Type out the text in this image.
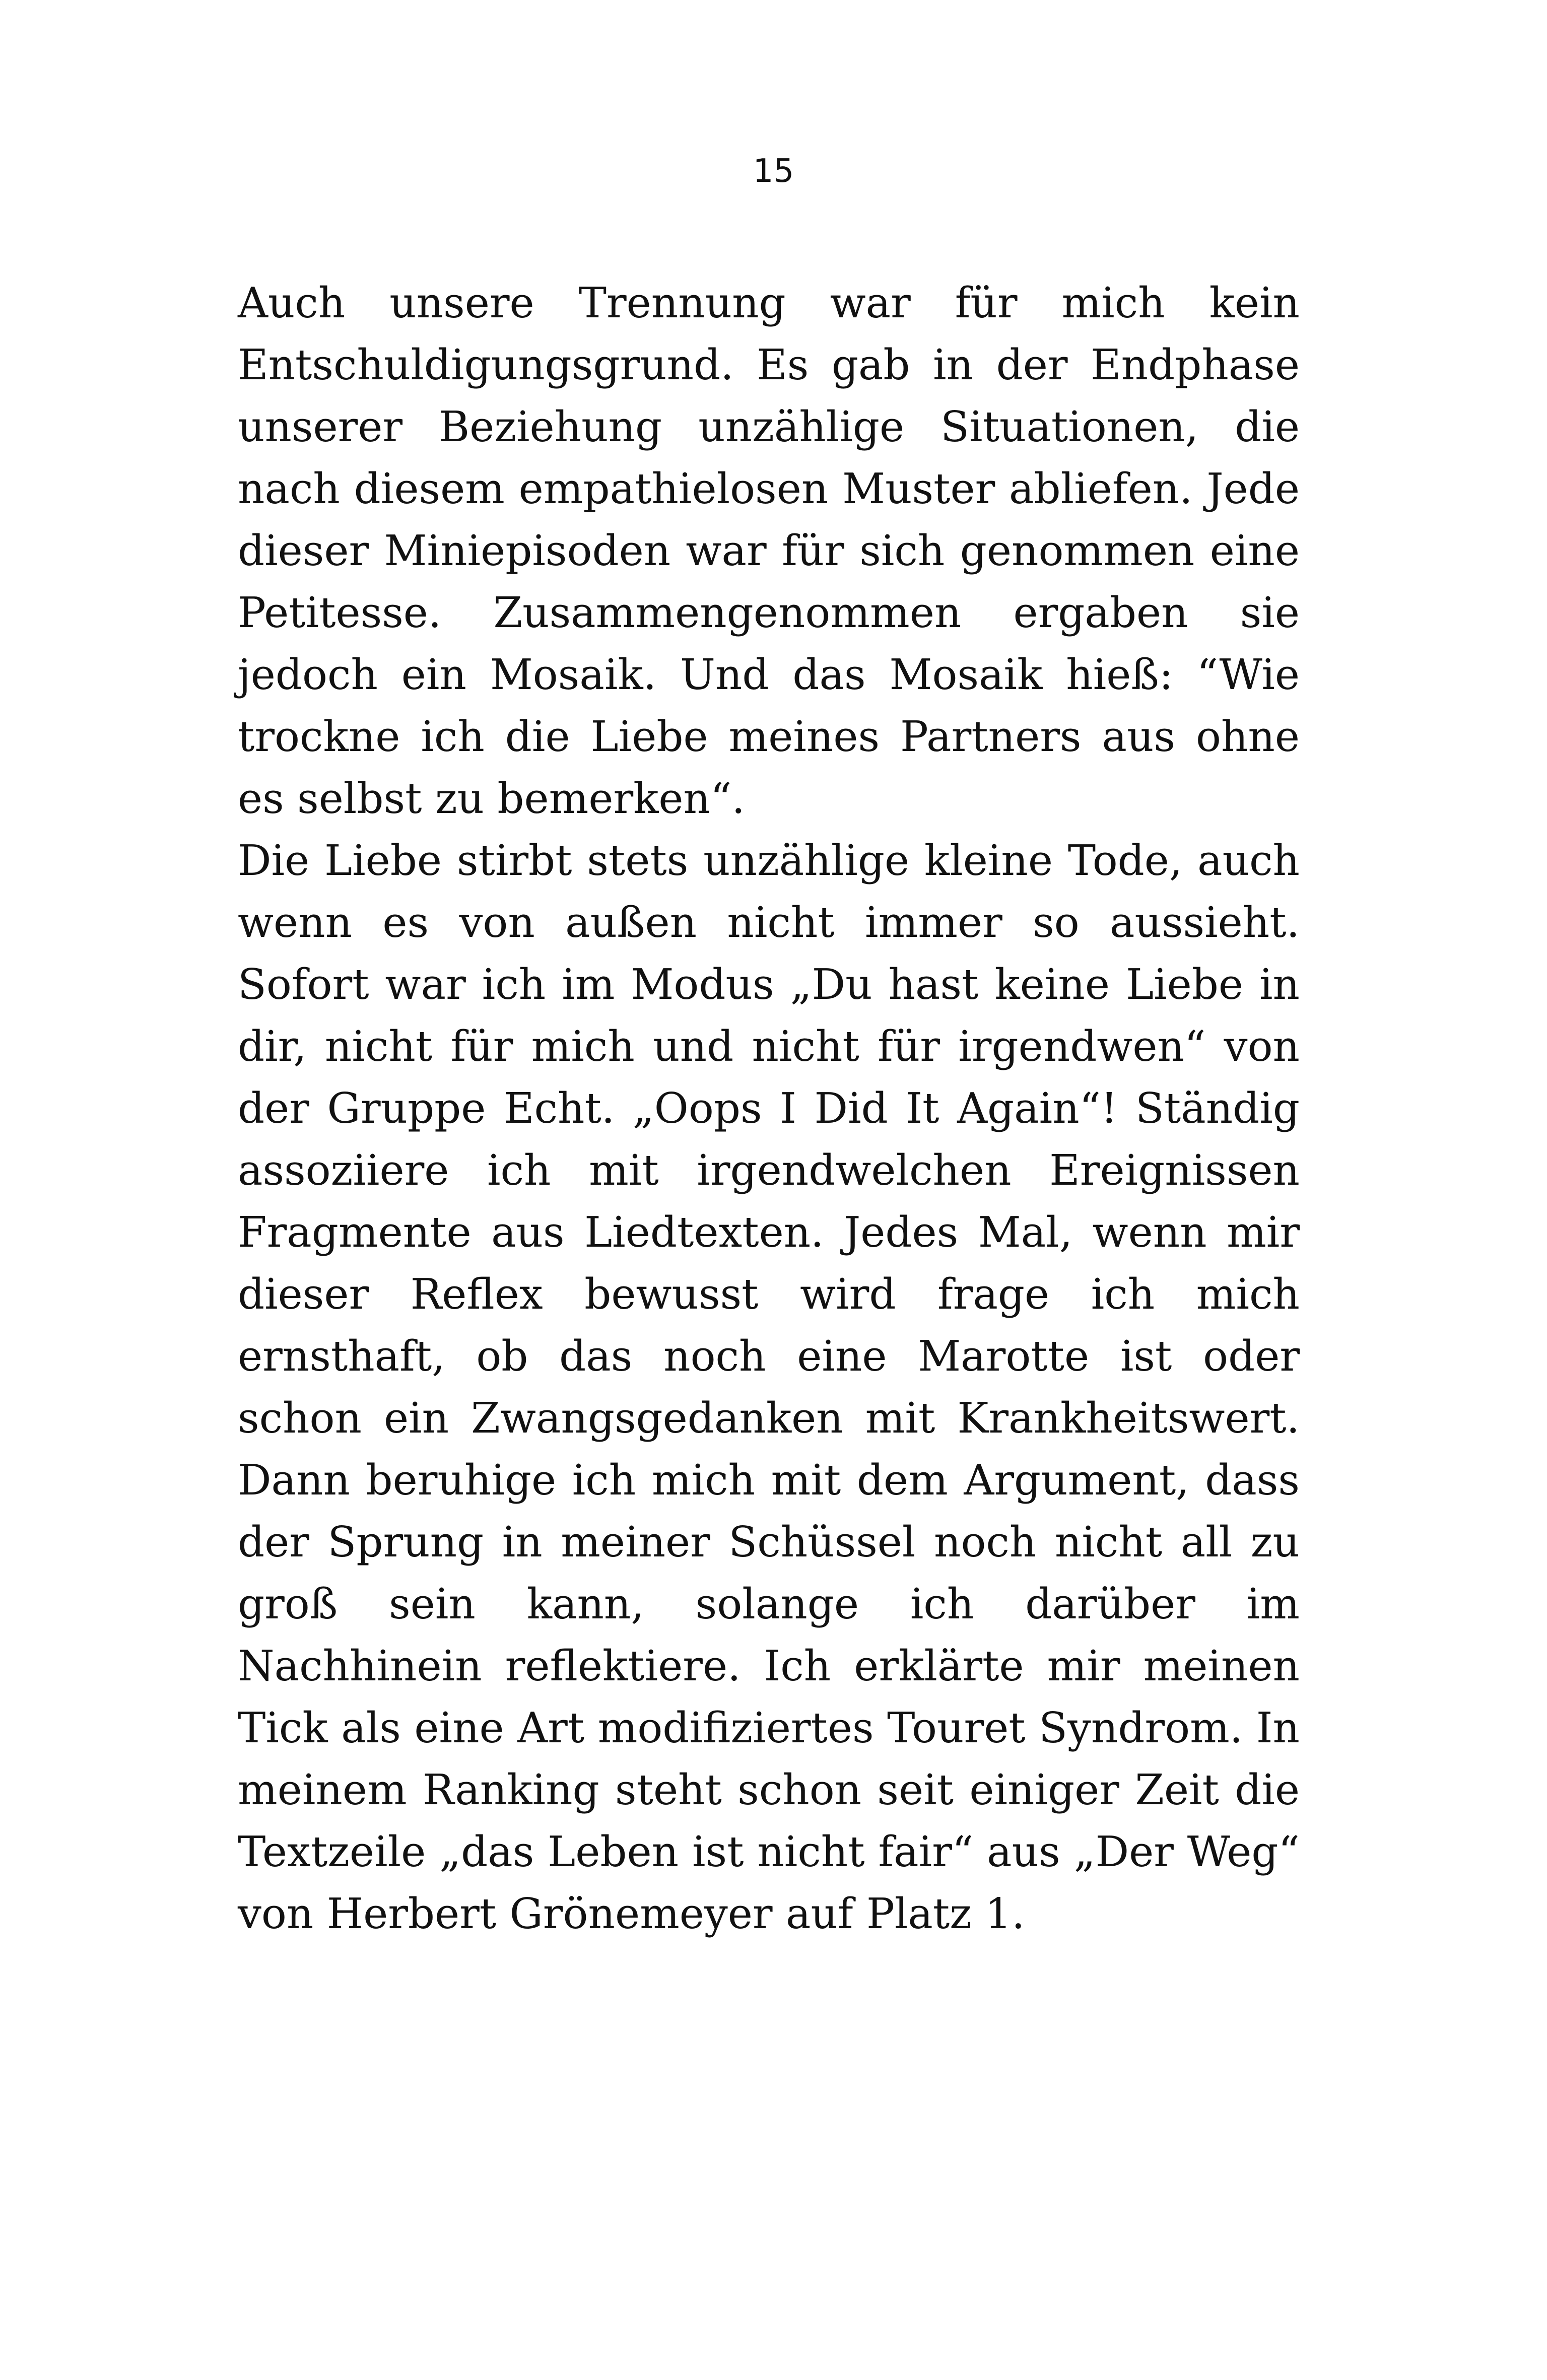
15

Auch unsere Trennung war für mich kein Entschuldigungsgrund. Es gab in der Endphase unserer Beziehung unzählige Situationen, die nach diesem empathielosen Muster abliefen. Jede dieser Miniepisoden war für sich genommen eine Petitesse. Zusammengenommen ergaben sie jedoch ein Mosaik. Und das Mosaik hieß: “Wie trockne ich die Liebe meines Partners aus ohne es selbst zu bemerken“.

Die Liebe stirbt stets unzählige kleine Tode, auch wenn es von außen nicht immer so aussieht. Sofort war ich im Modus „Du hast keine Liebe in dir, nicht für mich und nicht für irgendwen“ von der Gruppe Echt. „Oops I Did It Again“! Ständig assoziiere ich mit irgendwelchen Ereignissen Fragmente aus Liedtexten. Jedes Mal, wenn mir dieser Reflex bewusst wird frage ich mich ernsthaft, ob das noch eine Marotte ist oder schon ein Zwangsgedanken mit Krankheitswert. Dann beruhige ich mich mit dem Argument, dass der Sprung in meiner Schüssel noch nicht all zu groß sein kann, solange ich darüber im Nachhinein reflektiere. Ich erklärte mir meinen Tick als eine Art modifiziertes Touret Syndrom. In meinem Ranking steht schon seit einiger Zeit die Textzeile „das Leben ist nicht fair“ aus „Der Weg“ von Herbert Grönemeyer auf Platz 1.
